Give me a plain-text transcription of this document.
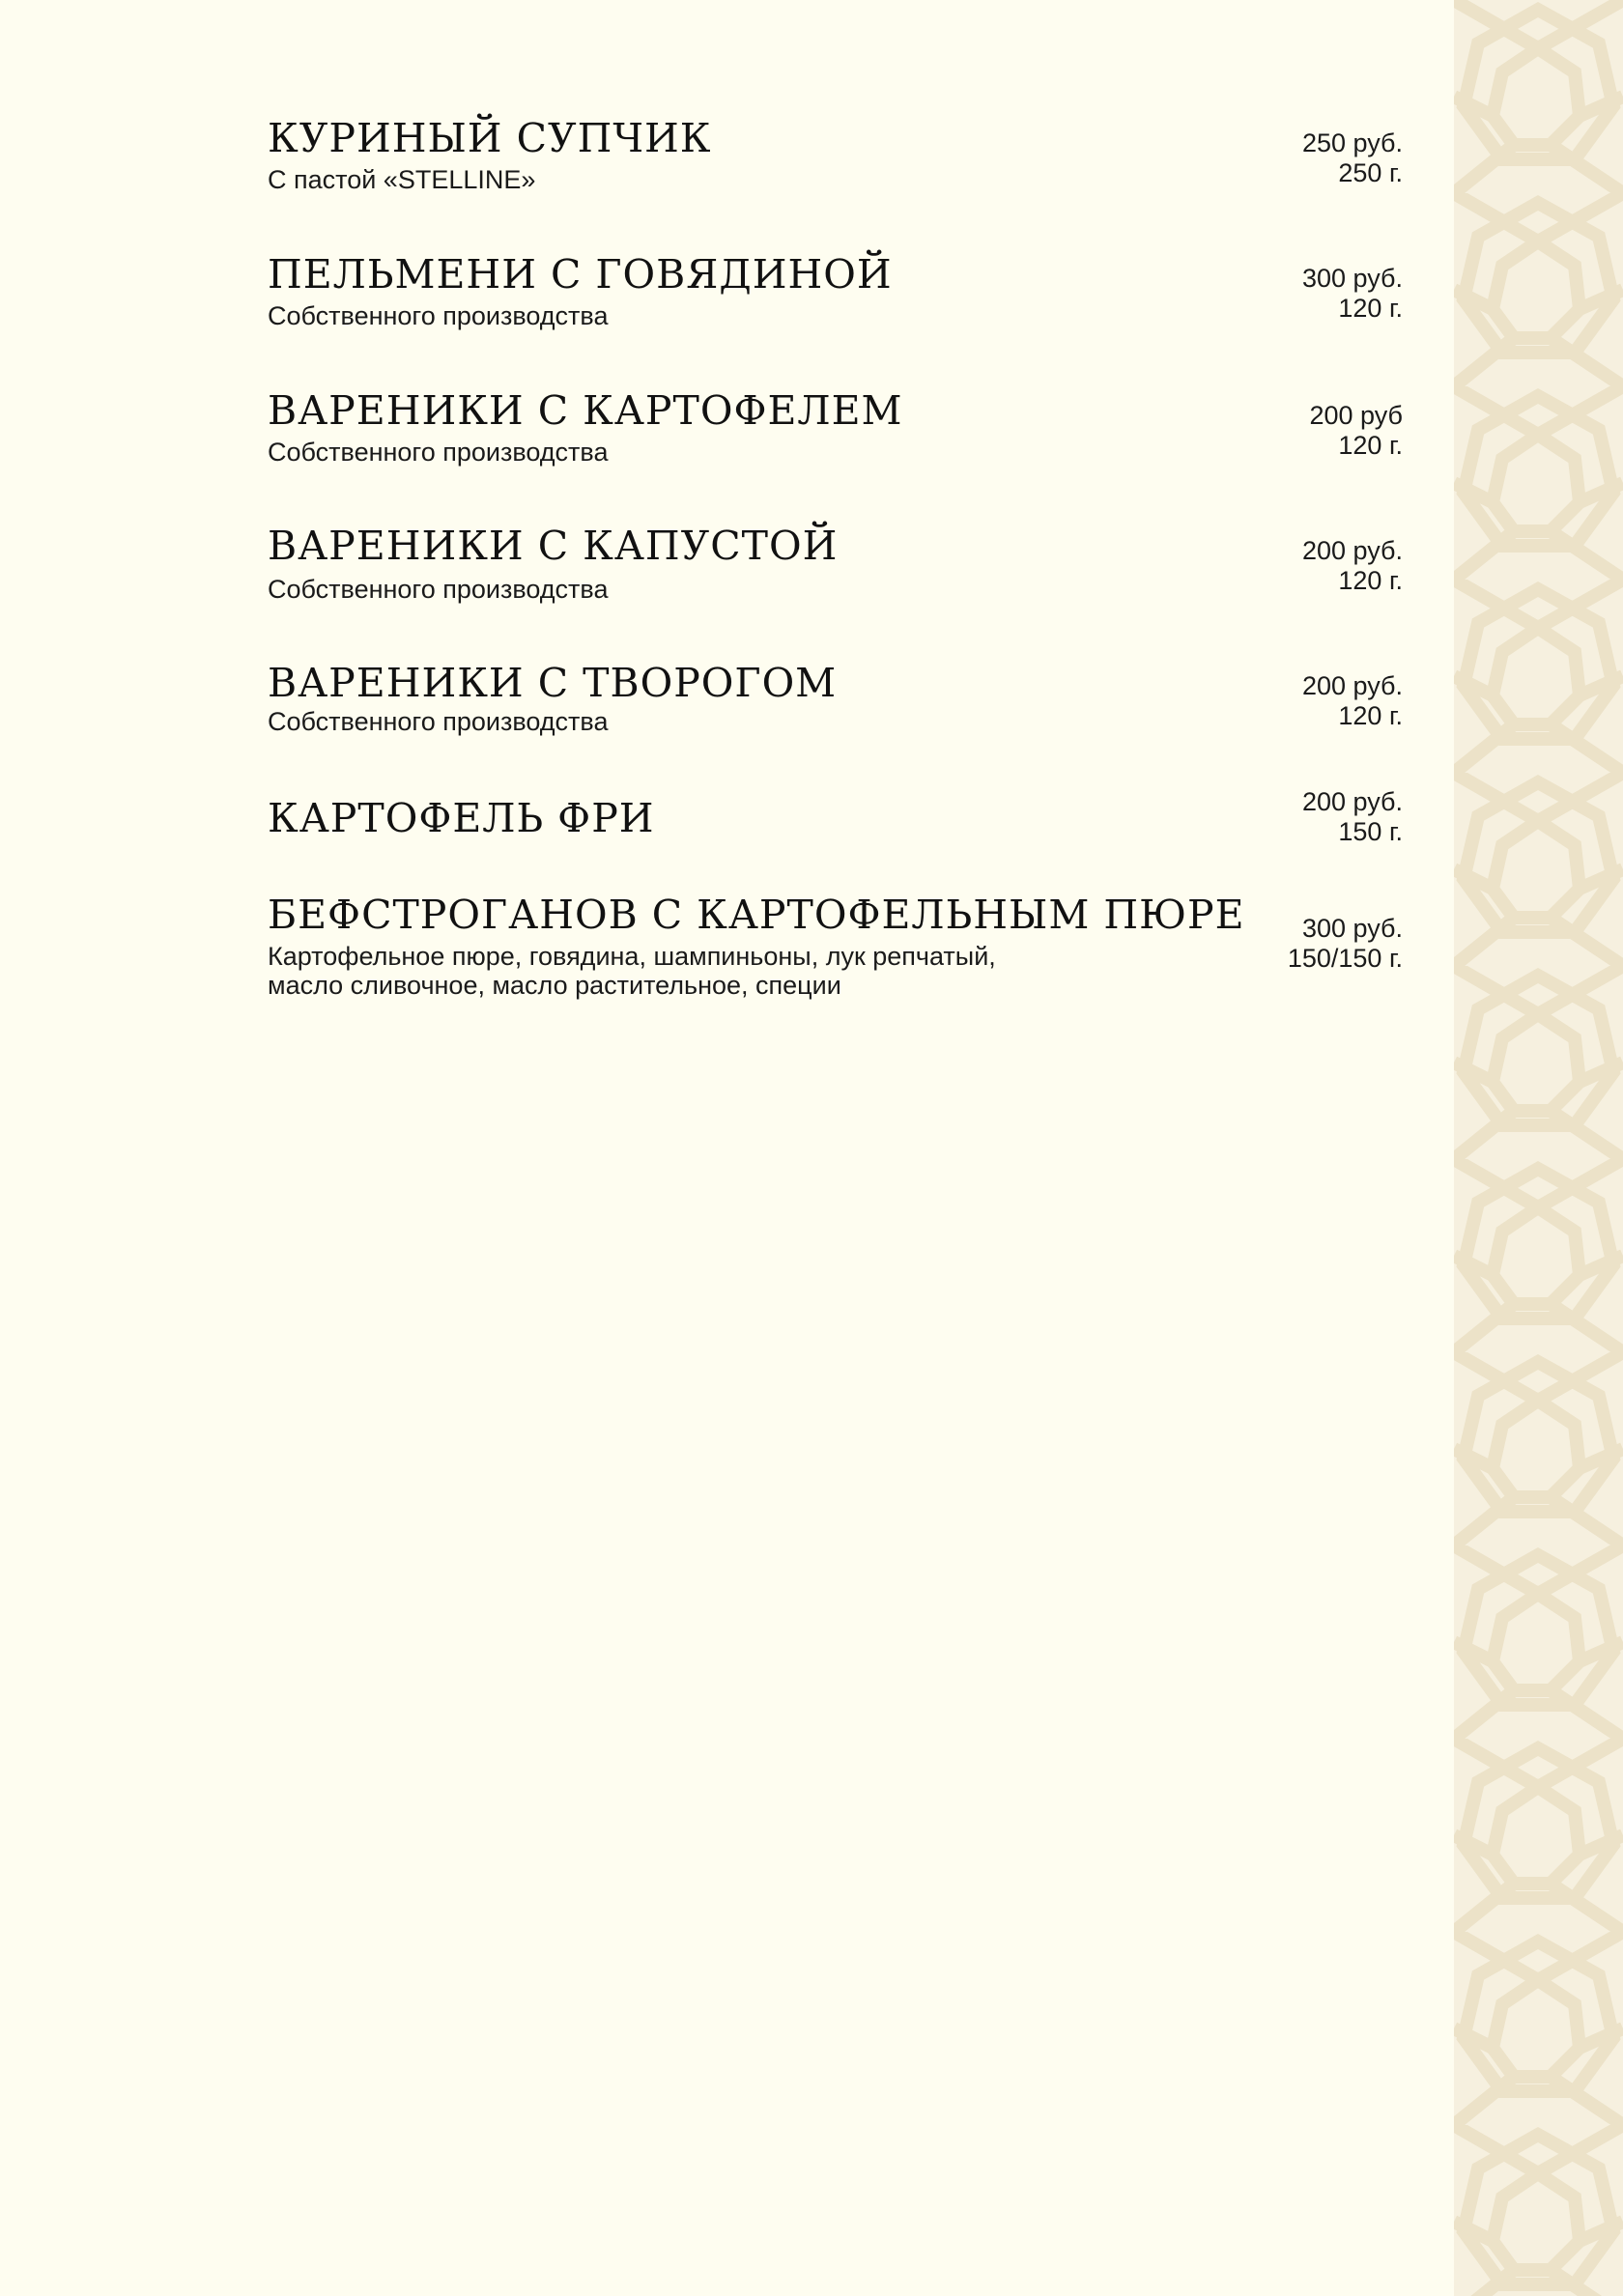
КУРИНЫЙ СУПЧИК
С пастой «STELLINE»
250 руб.
250 г.
ПЕЛЬМЕНИ С ГОВЯДИНОЙ
Собственного производства
300 руб.
120 г.
ВАРЕНИКИ С КАРТОФЕЛЕМ
Собственного производства
200 руб
120 г.
ВАРЕНИКИ С КАПУСТОЙ
Собственного производства
200 руб.
120 г.
ВАРЕНИКИ С ТВОРОГОМ
Собственного производства
200 руб.
120 г.
КАРТОФЕЛЬ ФРИ	200 руб.
150 г.
БЕФСТРОГАНОВ С КАРТОФЕЛЬНЫМ ПЮРЕ
Картофельное пюре, говядина, шампиньоны, лук репчатый,
масло сливочное, масло растительное, специи
300 руб.
150/150 г.
